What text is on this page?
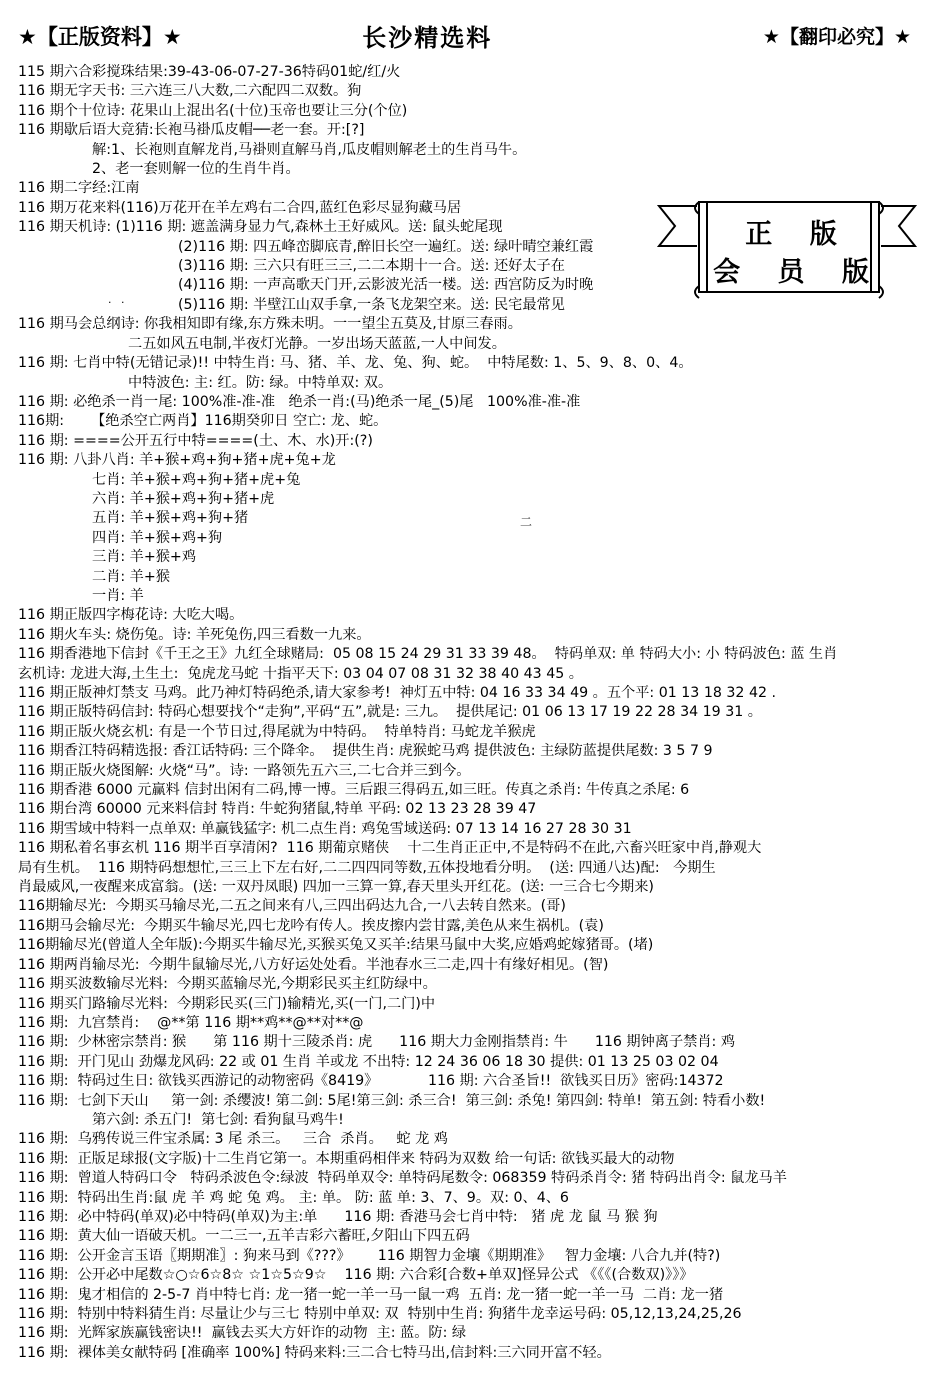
★【正版资料】★	长沙精选料	★【翻印必究】★
正 版
会 员 版
· ·
二
115 期六合彩搅珠结果:39-43-06-07-27-36特码01蛇/红/火
116 期无字天书: 三六连三八大数,二六配四二双数。狗
116 期个十位诗: 花果山上混出名(十位)玉帝也要让三分(个位)
116 期歇后语大竞猜:长袍马褂瓜皮帽──老一套。开:[?]
解:1、长袍则直解龙肖,马褂则直解马肖,瓜皮帽则解老土的生肖马牛。
2、老一套则解一位的生肖牛肖。
116 期二字经:江南
116 期万花来料(116)万花开在羊左鸡右二合四,蓝红色彩尽显狗藏马居
116 期天机诗: (1)116 期: 遮盖满身显力气,森林土王好威风。送: 鼠头蛇尾现
(2)116 期: 四五峰峦脚底青,醉旧长空一遍红。送: 绿叶晴空兼红霞
(3)116 期: 三六只有旺三三,二二本期十一合。送: 还好太子在
(4)116 期: 一声高歌天门开,云影波光活一楼。送: 西宫防反为时晚
(5)116 期: 半壁江山双手拿,一条飞龙架空来。送: 民宅最常见
116 期马会总纲诗: 你我相知即有缘,东方殊未明。一一望尘五莫及,甘原三春雨。
二五如风五电制,半夜灯光静。一岁出场天蓝蓝,一人中间发。
116 期: 七肖中特(无错记录)!! 中特生肖: 马、猪、羊、龙、兔、狗、蛇。  中特尾数: 1、5、9、8、0、4。
中特波色: 主: 红。防: 绿。中特单双: 双。
116 期: 必绝杀一肖一尾: 100%准-准-准   绝杀一肖:(马)绝杀一尾_(5)尾   100%准-准-准
116期:      【绝杀空亡两肖】116期癸卯日 空亡: 龙、蛇。
116 期: ====公开五行中特====(土、木、水)开:(?)
116 期: 八卦八肖: 羊+猴+鸡+狗+猪+虎+兔+龙
七肖: 羊+猴+鸡+狗+猪+虎+兔
六肖: 羊+猴+鸡+狗+猪+虎
五肖: 羊+猴+鸡+狗+猪
四肖: 羊+猴+鸡+狗
三肖: 羊+猴+鸡
二肖: 羊+猴
一肖: 羊
116 期正版四字梅花诗: 大吃大喝。
116 期火车头: 烧伤兔。诗: 羊死兔伤,四三看数一九来。
116 期香港地下信封《千王之王》九红全球赌局:  05 08 15 24 29 31 33 39 48。  特码单双: 单 特码大小: 小 特码波色: 蓝 生肖
玄机诗: 龙进大海,土生土:  兔虎龙马蛇 十指平天下: 03 04 07 08 31 32 38 40 43 45 。
116 期正版神灯禁支 马鸡。此乃神灯特码绝杀,请大家参考!  神灯五中特: 04 16 33 34 49 。五个平: 01 13 18 32 42 .
116 期正版特码信封: 特码心想要找个“走狗”,平码“五”,就是: 三九。  提供尾记: 01 06 13 17 19 22 28 34 19 31 。
116 期正版火烧玄机: 有是一个节日过,得尾就为中特码。  特单特肖: 马蛇龙羊猴虎
116 期香江特码精选报: 香江话特码: 三个降伞。  提供生肖: 虎猴蛇马鸡 提供波色: 主绿防蓝提供尾数: 3 5 7 9
116 期正版火烧图解: 火烧“马”。诗: 一路领先五六三,二七合并三到今。
116 期香港 6000 元赢料 信封出闲有二码,博一博。三后跟三得码五,如三旺。传真之杀肖: 牛传真之杀尾: 6
116 期台湾 60000 元来料信封 特肖: 牛蛇狗猪鼠,特单 平码: 02 13 23 28 39 47
116 期雪域中特料一点单双: 单赢钱猛字: 机二点生肖: 鸡兔雪域送码: 07 13 14 16 27 28 30 31
116 期私着名事玄机 116 期半百享清闲?  116 期葡京赌侠    十二生肖正正中,不是特码不在此,六畜兴旺家中肖,静观大
局有生机。  116 期特码想想忙,三三上下左右好,二二四四同等数,五体投地看分明。  (送: 四通八达)配:   今期生
肖最威风,一夜醒来成富翁。(送: 一双丹凤眼) 四加一三算一算,春天里头开红花。(送: 一三合七今期来)
116期输尽光:  今期买马输尽光,二五之间来有八,三四出码达九合,一八去转自然来。(哥)
116期马会输尽光:  今期买牛输尽光,四七龙吟有传人。挨皮擦内尝甘露,美色从来生祸机。(袁)
116期输尽光(曾道人全年版):今期买牛输尽光,买猴买兔又买羊:结果马鼠中大奖,应婚鸡蛇嫁猪哥。(堵)
116 期两肖输尽光:  今期牛鼠输尽光,八方好运处处看。半池春水三二走,四十有缘好相见。(智)
116 期买波数输尽光料:  今期买蓝输尽光,今期彩民买主红防绿中。
116 期买门路输尽光料:  今期彩民买(三门)输精光,买(一门,二门)中
116 期:  九宫禁肖:    @**第 116 期**鸡**@**对**@
116 期:  少林密宗禁肖: 猴      第 116 期十三陵杀肖: 虎      116 期大力金刚指禁肖: 牛      116 期钟离子禁肖: 鸡
116 期:  开门见山 劲爆龙风码: 22 或 01 生肖 羊或龙 不出特: 12 24 36 06 18 30 提供: 01 13 25 03 02 04
116 期:  特码过生日: 欲钱买西游记的动物密码《8419》           116 期: 六合圣旨!!  欲钱买日历》密码:14372
116 期:  七剑下天山     第一剑: 杀缨波! 第二剑: 5尾!第三剑: 杀三合!  第三剑: 杀兔! 第四剑: 特单!  第五剑: 特看小数!
第六剑: 杀五门!  第七剑: 看狗鼠马鸡牛!
116 期:  乌鸦传说三件宝杀属: 3 尾 杀三。   三合  杀肖。   蛇 龙 鸡
116 期:  正版足球报(文字版)十二生肖它第一。本期重码相伴来 特码为双数 给一句话: 欲钱买最大的动物
116 期:  曾道人特码口令   特码杀波色令:绿波  特码单双令: 单特码尾数令: 068359 特码杀肖令: 猪 特码出肖令: 鼠龙马羊
116 期:  特码出生肖:鼠 虎 羊 鸡 蛇 兔 鸡。 主: 单。 防: 蓝 单: 3、7、9。双: 0、4、6
116 期:  必中特码(单双)必中特码(单双)为主:单      116 期: 香港马会七肖中特:   猪 虎 龙 鼠 马 猴 狗
116 期:  黄大仙一语破天机。一二三一,五羊吉彩六蓄旺,夕阳山下四五码
116 期:  公开金言玉语〖期期准〗: 狗来马到《???》      116 期智力金壤《期期准》   智力金壤: 八合九并(特?)
116 期:  公开必中尾数☆○☆6☆8☆ ☆1☆5☆9☆    116 期: 六合彩[合数+单双]怪异公式 《《《(合数双)》》》
116 期:  鬼才相信的 2-5-7 肖中特七肖: 龙一猪一蛇一羊一马一鼠一鸡  五肖: 龙一猪一蛇一羊一马  二肖: 龙一猪
116 期:  特别中特料猜生肖: 尽量让少与三七 特别中单双: 双  特别中生肖: 狗猪牛龙幸运号码: 05,12,13,24,25,26
116 期:  光辉家族赢钱密诀!!  赢钱去买大方奸诈的动物  主: 蓝。防: 绿
116 期:  裸体美女献特码 [准确率 100%] 特码来料:三二合七特马出,信封料:三六同开富不轻。
